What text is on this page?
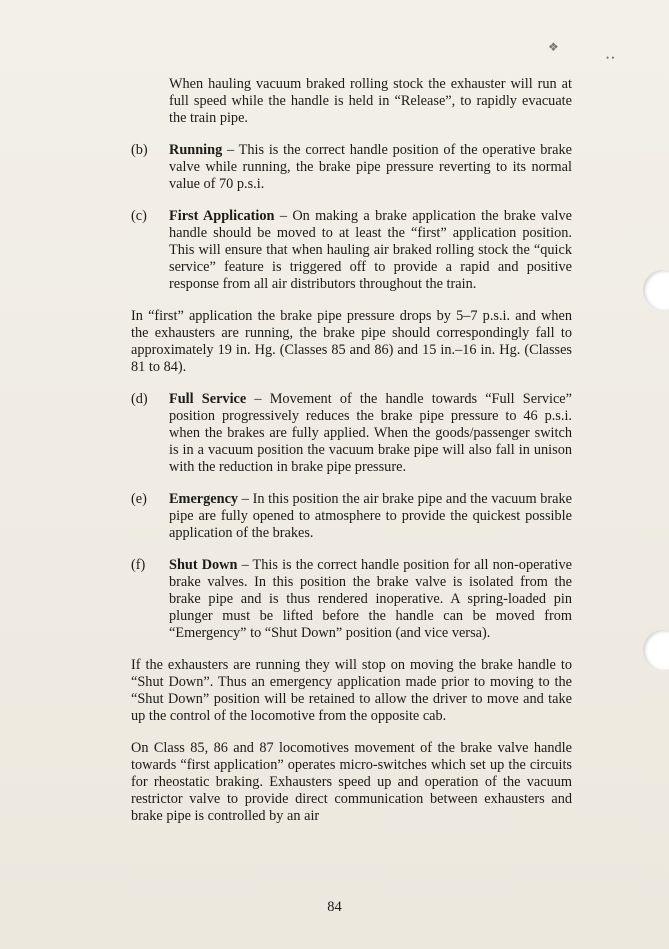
❖
• •

When hauling vacuum braked rolling stock the exhauster will run at full speed while the handle is held in “Release”, to rapidly evacuate the train pipe.

(b) Running – This is the correct handle position of the operative brake valve while running, the brake pipe pressure reverting to its normal value of 70 p.s.i.

(c) First Application – On making a brake application the brake valve handle should be moved to at least the “first” application position. This will ensure that when hauling air braked rolling stock the “quick service” feature is triggered off to provide a rapid and positive response from all air distributors throughout the train.

In “first” application the brake pipe pressure drops by 5–7 p.s.i. and when the exhausters are running, the brake pipe should correspondingly fall to approximately 19 in. Hg. (Classes 85 and 86) and 15 in.–16 in. Hg. (Classes 81 to 84).

(d) Full Service – Movement of the handle towards “Full Service” position progressively reduces the brake pipe pressure to 46 p.s.i. when the brakes are fully applied. When the goods/passenger switch is in a vacuum position the vacuum brake pipe will also fall in unison with the reduction in brake pipe pressure.

(e) Emergency – In this position the air brake pipe and the vacuum brake pipe are fully opened to atmosphere to provide the quickest possible application of the brakes.

(f) Shut Down – This is the correct handle position for all non-operative brake valves. In this position the brake valve is isolated from the brake pipe and is thus rendered inoperative. A spring-loaded pin plunger must be lifted before the handle can be moved from “Emergency” to “Shut Down” position (and vice versa).

If the exhausters are running they will stop on moving the brake handle to “Shut Down”. Thus an emergency application made prior to moving to the “Shut Down” position will be retained to allow the driver to move and take up the control of the locomotive from the opposite cab.

On Class 85, 86 and 87 locomotives movement of the brake valve handle towards “first application” operates micro-switches which set up the circuits for rheostatic braking. Exhausters speed up and operation of the vacuum restrictor valve to provide direct communication between exhausters and brake pipe is controlled by an air

84
